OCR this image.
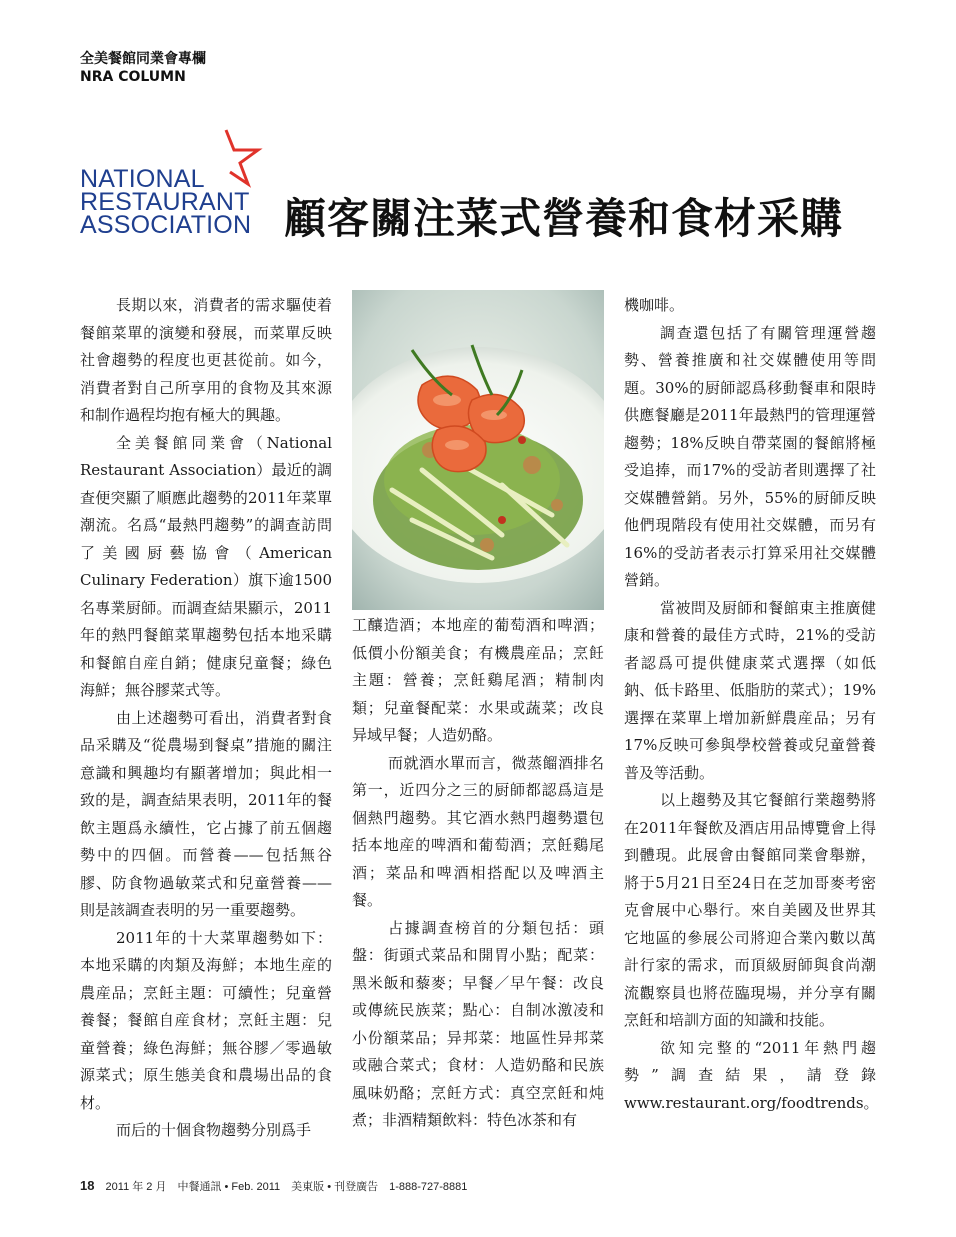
全美餐館同業會專欄
NRA COLUMN
NATIONAL
RESTAURANT
ASSOCIATION 顧客關注菜式營養和食材采購

長期以來，消費者的需求驅使着餐館菜單的演變和發展，而菜單反映社會趨勢的程度也更甚從前。如今，消費者對自己所享用的食物及其來源和制作過程均抱有極大的興趣。

全美餐館同業會（National Restaurant Association）最近的調查便突顯了順應此趨勢的2011年菜單潮流。名爲“最熱門趨勢”的調查訪問了美國厨藝協會（American Culinary Federation）旗下逾1500名專業厨師。而調查結果顯示，2011年的熱門餐館菜單趨勢包括本地采購和餐館自産自銷；健康兒童餐；綠色海鮮；無谷膠菜式等。

由上述趨勢可看出，消費者對食品采購及“從農場到餐桌”措施的關注意識和興趣均有顯著增加；與此相一致的是，調查結果表明，2011年的餐飲主題爲永續性，它占據了前五個趨勢中的四個。而營養——包括無谷膠、防食物過敏菜式和兒童營養——則是該調查表明的另一重要趨勢。

2011年的十大菜單趨勢如下：本地采購的肉類及海鮮；本地生産的農産品；烹飪主題：可續性；兒童營養餐；餐館自産食材；烹飪主題：兒童營養；綠色海鮮；無谷膠／零過敏源菜式；原生態美食和農場出品的食材。

而后的十個食物趨勢分別爲手

工釀造酒；本地産的葡萄酒和啤酒；低價小份額美食；有機農産品；烹飪主題：營養；烹飪鷄尾酒；精制肉類；兒童餐配菜：水果或蔬菜；改良异域早餐；人造奶酪。

而就酒水單而言，微蒸餾酒排名第一，近四分之三的厨師都認爲這是個熱門趨勢。其它酒水熱門趨勢還包括本地産的啤酒和葡萄酒；烹飪鷄尾酒；菜品和啤酒相搭配以及啤酒主餐。

占據調查榜首的分類包括：頭盤：街頭式菜品和開胃小點；配菜：黑米飯和藜麥；早餐／早午餐：改良或傳統民族菜；點心：自制冰激凌和小份額菜品；异邦菜：地區性异邦菜或融合菜式；食材：人造奶酪和民族風味奶酪；烹飪方式：真空烹飪和炖煮；非酒精類飲料：特色冰茶和有

機咖啡。

調查還包括了有關管理運營趨勢、營養推廣和社交媒體使用等問題。30%的厨師認爲移動餐車和限時供應餐廳是2011年最熱門的管理運營趨勢；18%反映自帶菜園的餐館將極受追捧，而17%的受訪者則選擇了社交媒體營銷。另外，55%的厨師反映他們現階段有使用社交媒體，而另有16%的受訪者表示打算采用社交媒體營銷。

當被問及厨師和餐館東主推廣健康和營養的最佳方式時，21%的受訪者認爲可提供健康菜式選擇（如低鈉、低卡路里、低脂肪的菜式）；19%選擇在菜單上增加新鮮農産品；另有17%反映可參與學校營養或兒童營養普及等活動。

以上趨勢及其它餐館行業趨勢將在2011年餐飲及酒店用品博覽會上得到體現。此展會由餐館同業會舉辦，將于5月21日至24日在芝加哥麥考密克會展中心舉行。來自美國及世界其它地區的參展公司將迎合業內數以萬計行家的需求，而頂級厨師與食尚潮流觀察員也將莅臨現場，并分享有關烹飪和培訓方面的知識和技能。

欲知完整的“2011年熱門趨勢”調查結果，請登錄www.restaurant.org/foodtrends。

18 2011 年 2 月　中餐通訊 • Feb. 2011　美東版 • 刊登廣告　1-888-727-8881
